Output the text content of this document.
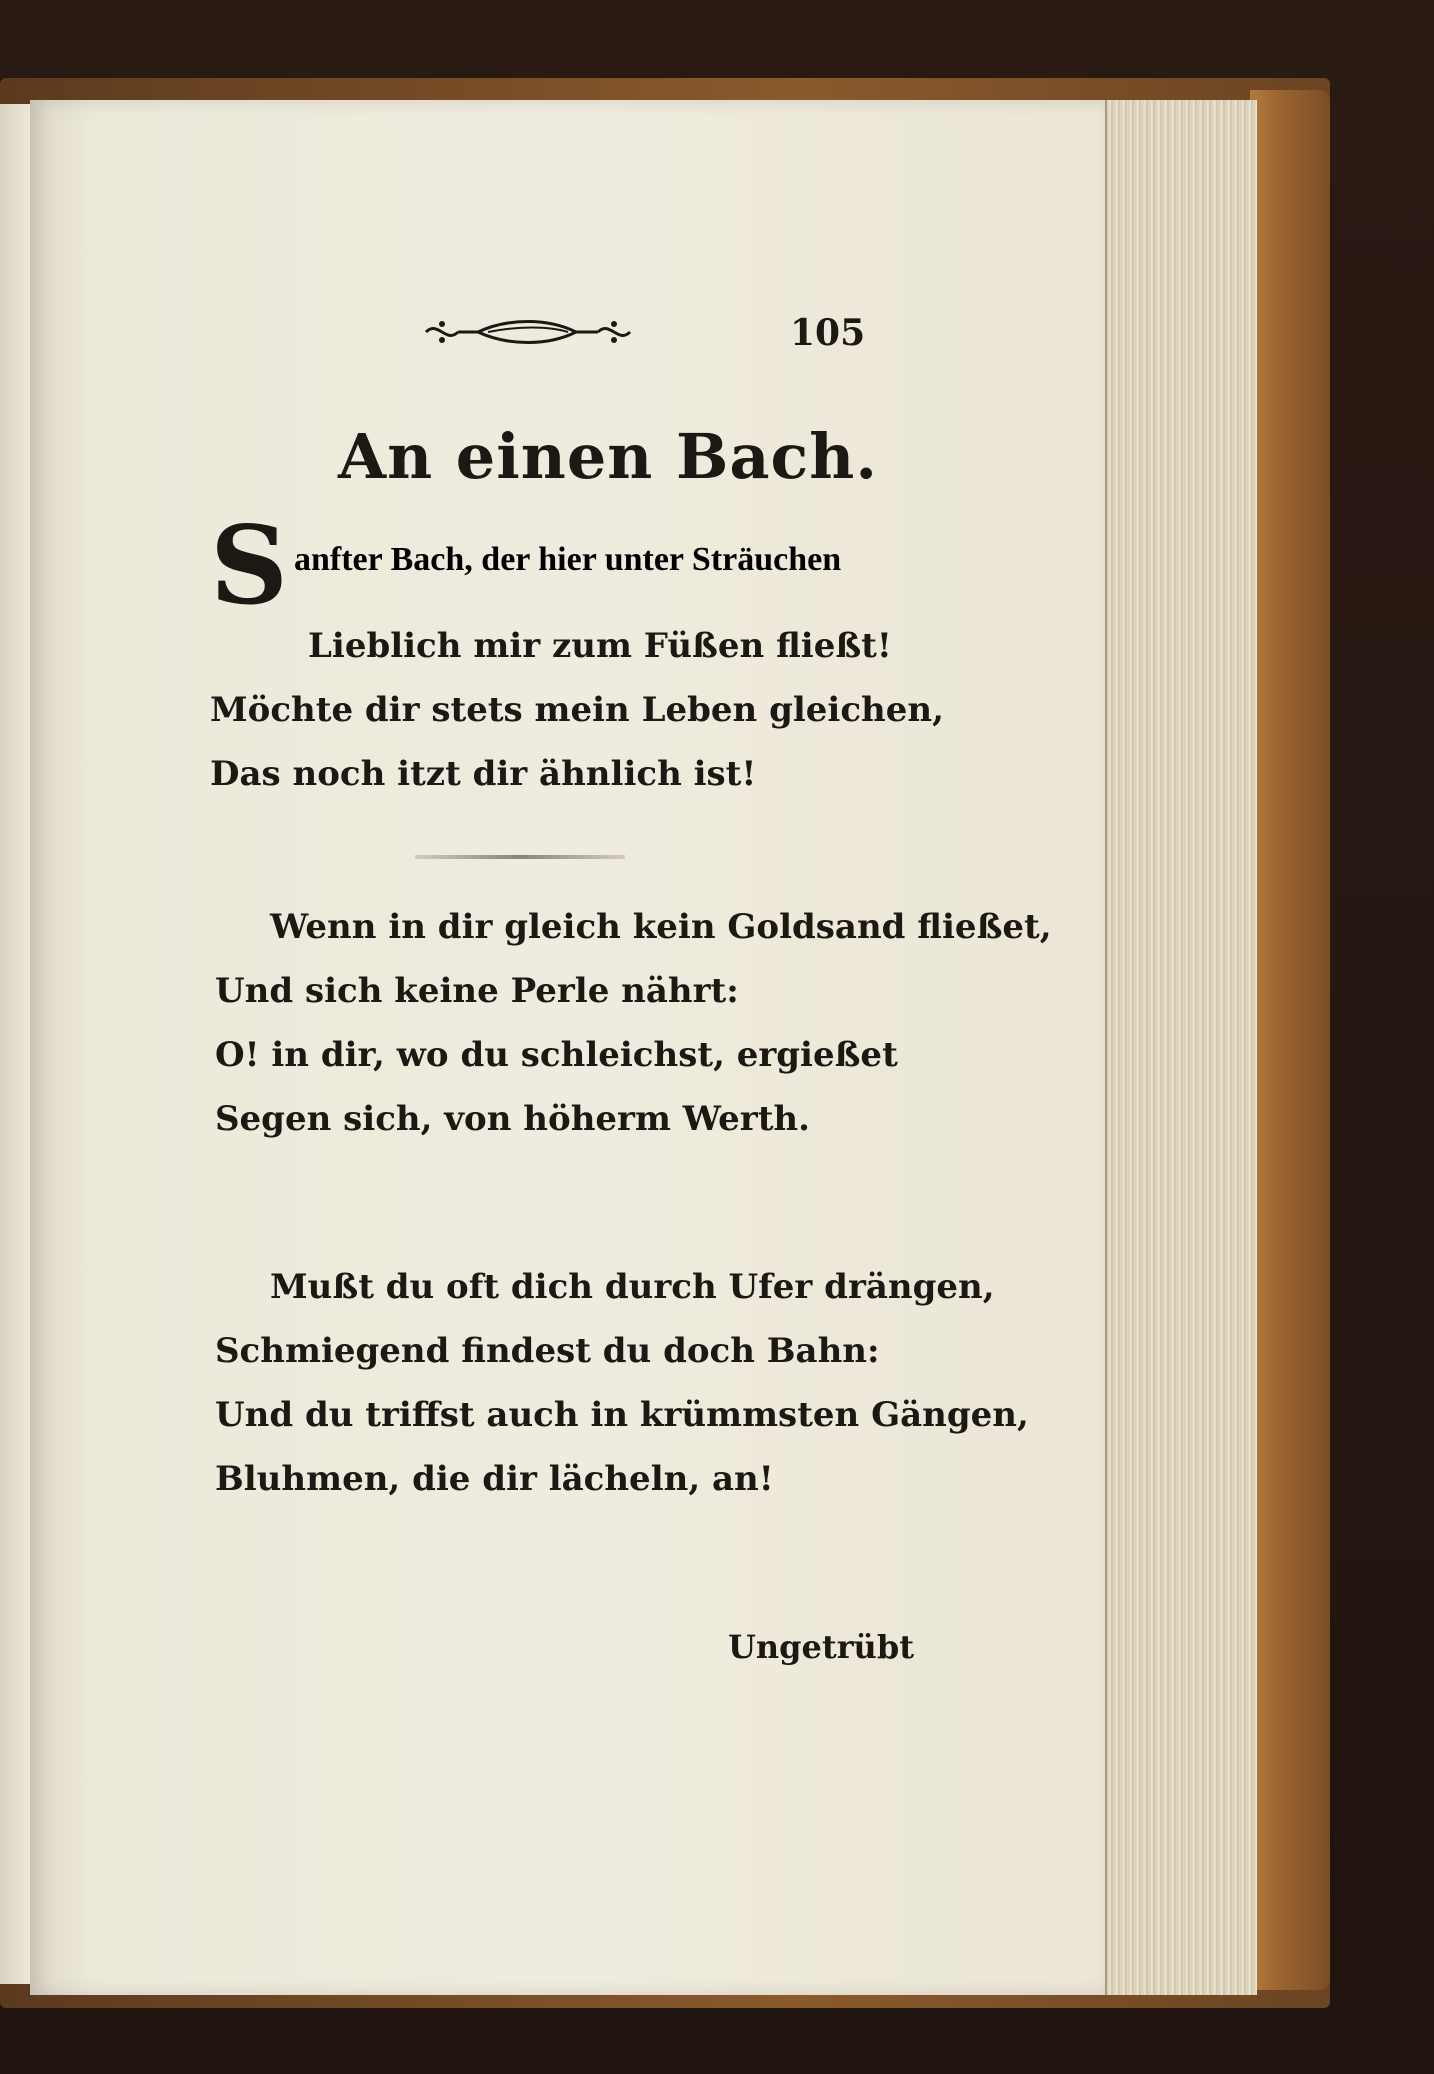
105
An einen Bach.
S anfter Bach, der hier unter Sträuchen
Lieblich mir zum Füßen fließt!
Möchte dir stets mein Leben gleichen,
Das noch itzt dir ähnlich ist!
Wenn in dir gleich kein Goldsand fließet,
Und sich keine Perle nährt:
O! in dir, wo du schleichst, ergießet
Segen sich, von höherm Werth.
Mußt du oft dich durch Ufer drängen,
Schmiegend findest du doch Bahn:
Und du triffst auch in krümmsten Gängen,
Bluhmen, die dir lächeln, an!
Ungetrübt
